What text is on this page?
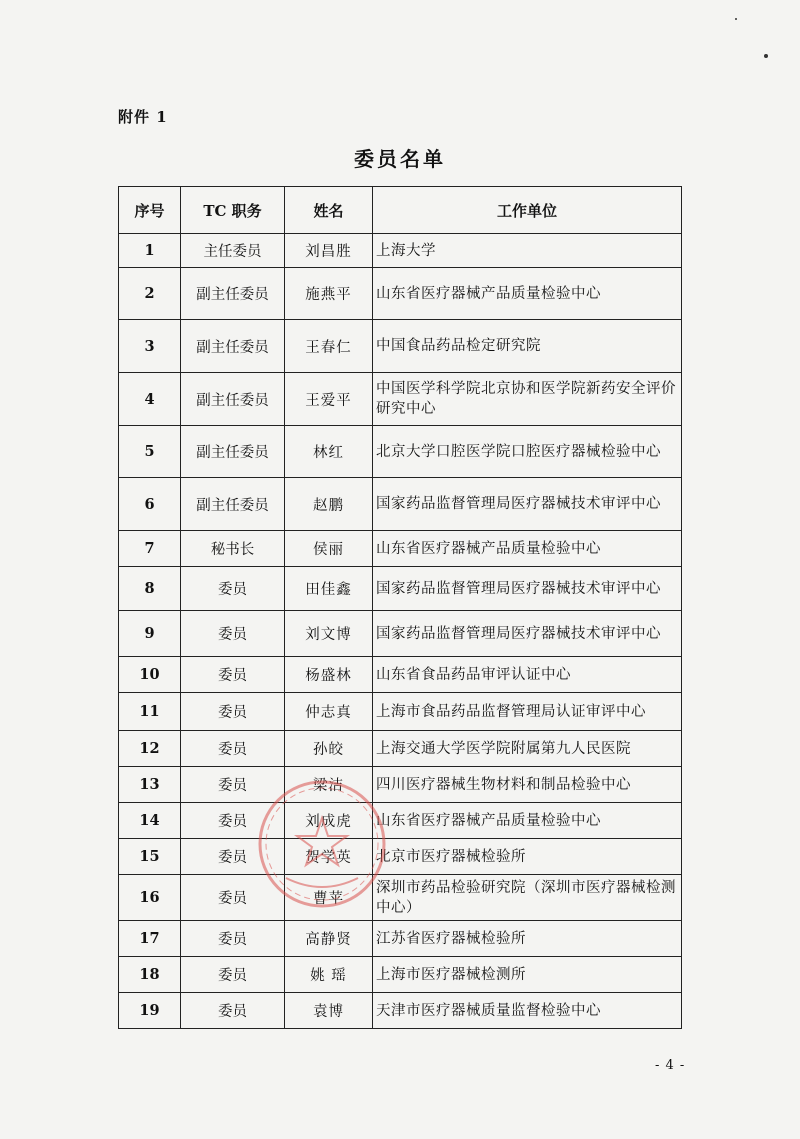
附件 1
委员名单
序号	TC 职务	姓名	工作单位
1	主任委员	刘昌胜	上海大学
2	副主任委员	施燕平	山东省医疗器械产品质量检验中心
3	副主任委员	王春仁	中国食品药品检定研究院
4	副主任委员	王爱平	中国医学科学院北京协和医学院新药安全评价研究中心
5	副主任委员	林红	北京大学口腔医学院口腔医疗器械检验中心
6	副主任委员	赵鹏	国家药品监督管理局医疗器械技术审评中心
7	秘书长	侯丽	山东省医疗器械产品质量检验中心
8	委员	田佳鑫	国家药品监督管理局医疗器械技术审评中心
9	委员	刘文博	国家药品监督管理局医疗器械技术审评中心
10	委员	杨盛林	山东省食品药品审评认证中心
11	委员	仲志真	上海市食品药品监督管理局认证审评中心
12	委员	孙皎	上海交通大学医学院附属第九人民医院
13	委员	梁洁	四川医疗器械生物材料和制品检验中心
14	委员	刘成虎	山东省医疗器械产品质量检验中心
15	委员	贺学英	北京市医疗器械检验所
16	委员	曹苹	深圳市药品检验研究院（深圳市医疗器械检测中心）
17	委员	高静贤	江苏省医疗器械检验所
18	委员	姚 瑶	上海市医疗器械检测所
19	委员	袁博	天津市医疗器械质量监督检验中心
- 4 -
